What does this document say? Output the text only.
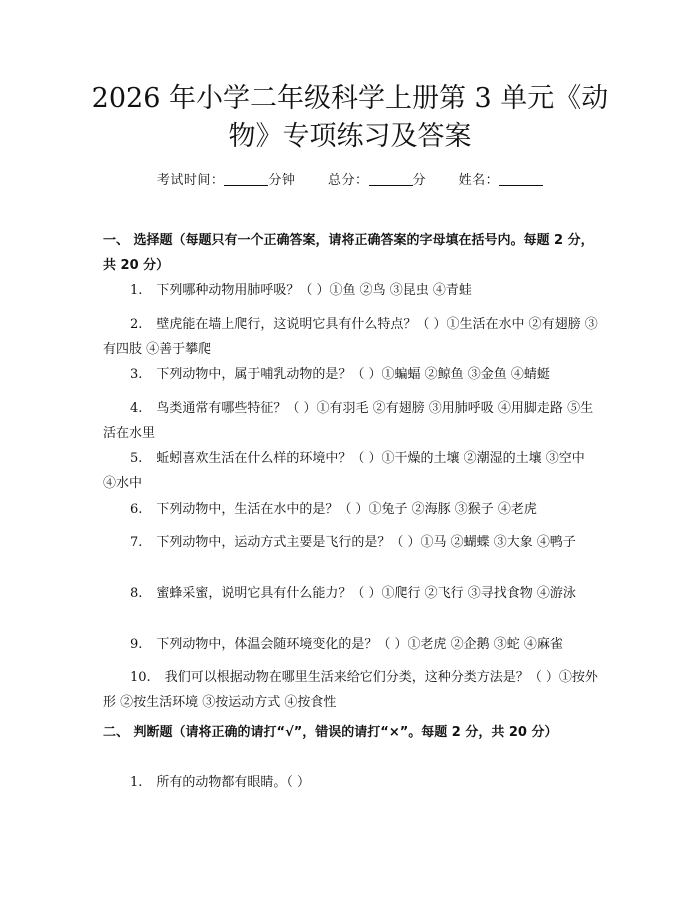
2026 年小学二年级科学上册第 3 单元《动
物》专项练习及答案
考试时间：	分钟	总分：	分	姓名：
一、 选择题（每题只有一个正确答案，请将正确答案的字母填在括号内。每题 2 分，共 20 分）
1. 下列哪种动物用肺呼吸？（ ）①鱼 ②鸟 ③昆虫 ④青蛙
2. 壁虎能在墙上爬行，这说明它具有什么特点？（ ）①生活在水中 ②有翅膀 ③有四肢 ④善于攀爬
3. 下列动物中，属于哺乳动物的是？（ ）①蝙蝠 ②鲸鱼 ③金鱼 ④蜻蜓
4. 鸟类通常有哪些特征？（ ）①有羽毛 ②有翅膀 ③用肺呼吸 ④用脚走路 ⑤生活在水里
5. 蚯蚓喜欢生活在什么样的环境中？（ ）①干燥的土壤 ②潮湿的土壤 ③空中 ④水中
6. 下列动物中，生活在水中的是？（ ）①兔子 ②海豚 ③猴子 ④老虎
7. 下列动物中，运动方式主要是飞行的是？（ ）①马 ②蝴蝶 ③大象 ④鸭子
8. 蜜蜂采蜜，说明它具有什么能力？（ ）①爬行 ②飞行 ③寻找食物 ④游泳
9. 下列动物中，体温会随环境变化的是？（ ）①老虎 ②企鹅 ③蛇 ④麻雀
10. 我们可以根据动物在哪里生活来给它们分类，这种分类方法是？（ ）①按外形 ②按生活环境 ③按运动方式 ④按食性
二、 判断题（请将正确的请打“√”，错误的请打“×”。每题 2 分，共 20 分）
1. 所有的动物都有眼睛。（ ）
